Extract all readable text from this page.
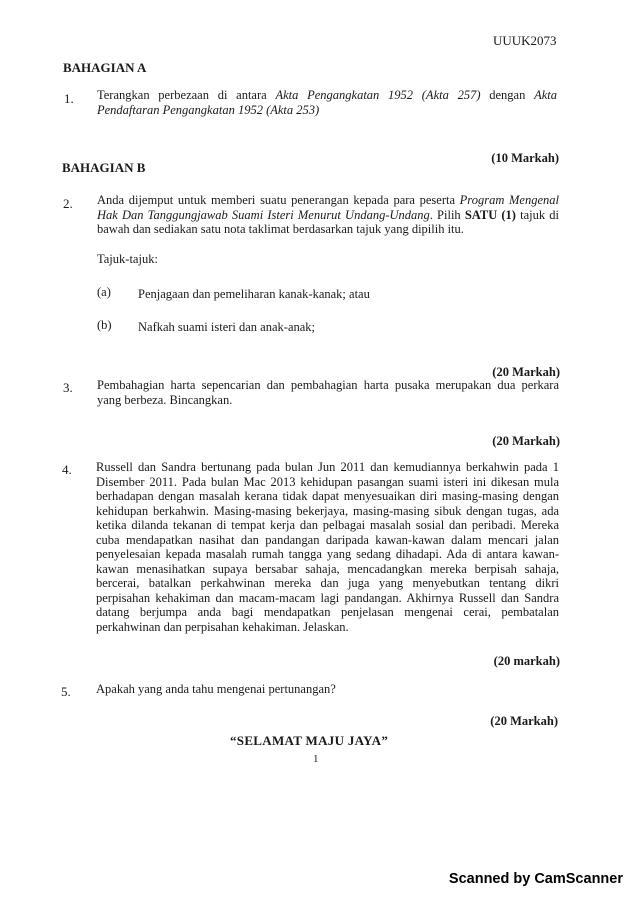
UUUK2073
BAHAGIAN A
1. Terangkan perbezaan di antara Akta Pengangkatan 1952 (Akta 257) dengan Akta Pendaftaran Pengangkatan 1952 (Akta 253)
BAHAGIAN B
(10 Markah)
2. Anda dijemput untuk memberi suatu penerangan kepada para peserta Program Mengenal Hak Dan Tanggungjawab Suami Isteri Menurut Undang-Undang. Pilih SATU (1) tajuk di bawah dan sediakan satu nota taklimat berdasarkan tajuk yang dipilih itu.
Tajuk-tajuk:
(a) Penjagaan dan pemeliharan kanak-kanak; atau
(b) Nafkah suami isteri dan anak-anak;
(20 Markah)
3. Pembahagian harta sepencarian dan pembahagian harta pusaka merupakan dua perkara yang berbeza. Bincangkan.
(20 Markah)
4. Russell dan Sandra bertunang pada bulan Jun 2011 dan kemudiannya berkahwin pada 1 Disember 2011. Pada bulan Mac 2013 kehidupan pasangan suami isteri ini dikesan mula berhadapan dengan masalah kerana tidak dapat menyesuaikan diri masing-masing dengan kehidupan berkahwin. Masing-masing bekerjaya, masing-masing sibuk dengan tugas, ada ketika dilanda tekanan di tempat kerja dan pelbagai masalah sosial dan peribadi. Mereka cuba mendapatkan nasihat dan pandangan daripada kawan-kawan dalam mencari jalan penyelesaian kepada masalah rumah tangga yang sedang dihadapi. Ada di antara kawan-kawan menasihatkan supaya bersabar sahaja, mencadangkan mereka berpisah sahaja, bercerai, batalkan perkahwinan mereka dan juga yang menyebutkan tentang dikri perpisahan kehakiman dan macam-macam lagi pandangan. Akhirnya Russell dan Sandra datang berjumpa anda bagi mendapatkan penjelasan mengenai cerai, pembatalan perkahwinan dan perpisahan kehakiman. Jelaskan.
(20 markah)
5. Apakah yang anda tahu mengenai pertunangan?
(20 Markah)
“SELAMAT MAJU JAYA”
1
Scanned by CamScanner
